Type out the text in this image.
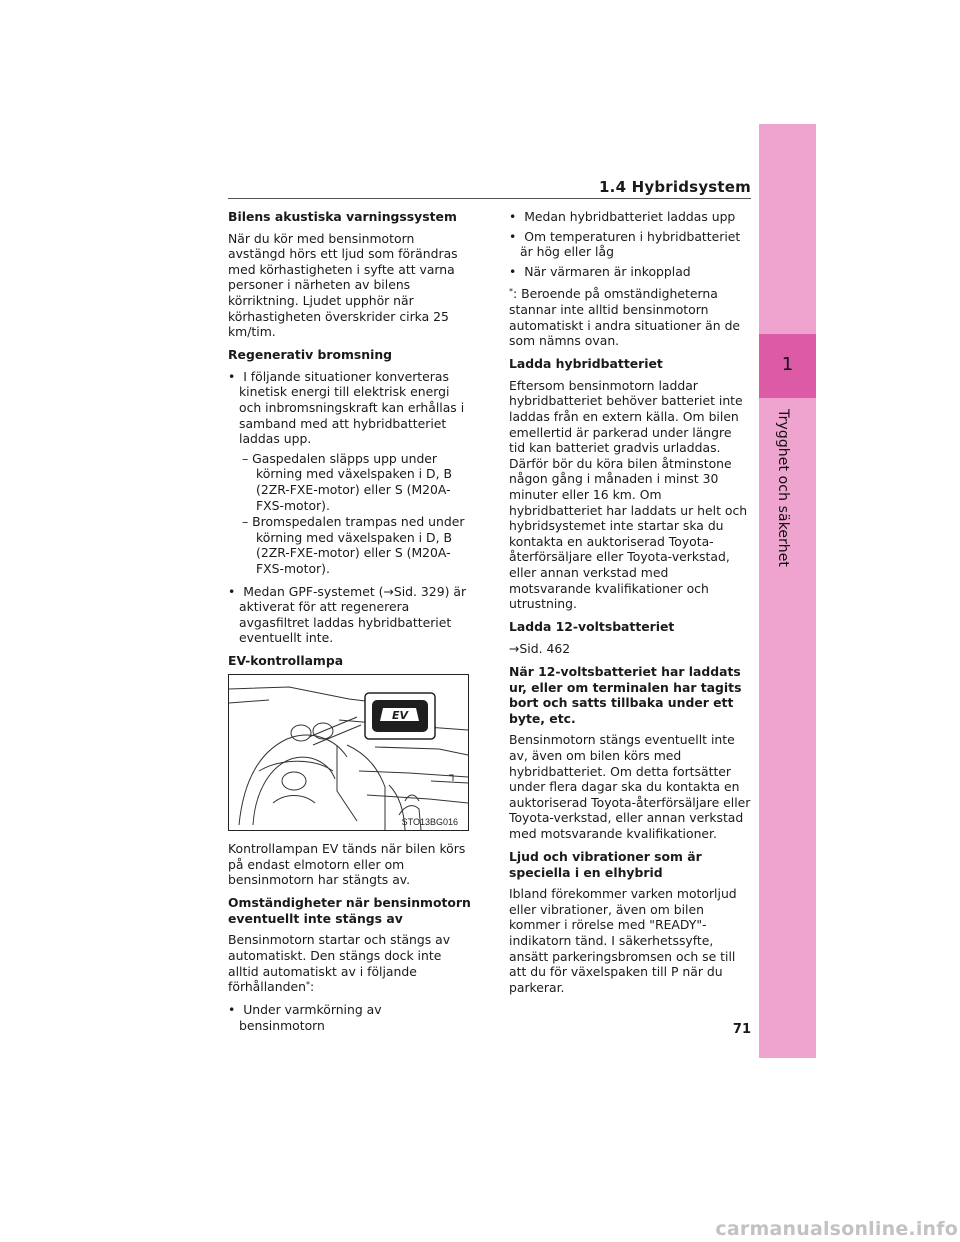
1.4 Hybridsystem
1
Trygghet och säkerhet

Bilens akustiska varningssystem

När du kör med bensinmotorn avstängd hörs ett ljud som förändras med körhastigheten i syfte att varna personer i närheten av bilens körriktning. Ljudet upphör när körhastigheten överskrider cirka 25 km/tim.

Regenerativ bromsning

•  I följande situationer konverteras kinetisk energi till elektrisk energi och inbromsningskraft kan erhållas i samband med att hybridbatteriet laddas upp.

– Gaspedalen släpps upp under körning med växelspaken i D, B (2ZR-FXE-motor) eller S (M20A-FXS-motor).

– Bromspedalen trampas ned under körning med växelspaken i D, B (2ZR-FXE-motor) eller S (M20A-FXS-motor).

•  Medan GPF-systemet (→Sid. 329) är aktiverat för att regenerera avgasfiltret laddas hybridbatteriet eventuellt inte.

EV-kontrollampa

EV
STO13BG016

Kontrollampan EV tänds när bilen körs på endast elmotorn eller om bensinmotorn har stängts av.

Omständigheter när bensinmotorn eventuellt inte stängs av

Bensinmotorn startar och stängs av automatiskt. Den stängs dock inte alltid automatiskt av i följande förhållanden*:

•  Under varmkörning av bensinmotorn

•  Medan hybridbatteriet laddas upp

•  Om temperaturen i hybridbatteriet är hög eller låg

•  När värmaren är inkopplad

*: Beroende på omständigheterna stannar inte alltid bensinmotorn automatiskt i andra situationer än de som nämns ovan.

Ladda hybridbatteriet

Eftersom bensinmotorn laddar hybridbatteriet behöver batteriet inte laddas från en extern källa. Om bilen emellertid är parkerad under längre tid kan batteriet gradvis urladdas. Därför bör du köra bilen åtminstone någon gång i månaden i minst 30 minuter eller 16 km. Om hybridbatteriet har laddats ur helt och hybridsystemet inte startar ska du kontakta en auktoriserad Toyota-återförsäljare eller Toyota-verkstad, eller annan verkstad med motsvarande kvalifikationer och utrustning.

Ladda 12-voltsbatteriet

→Sid. 462

När 12-voltsbatteriet har laddats ur, eller om terminalen har tagits bort och satts tillbaka under ett byte, etc.

Bensinmotorn stängs eventuellt inte av, även om bilen körs med hybridbatteriet. Om detta fortsätter under flera dagar ska du kontakta en auktoriserad Toyota-återförsäljare eller Toyota-verkstad, eller annan verkstad med motsvarande kvalifikationer.

Ljud och vibrationer som är speciella i en elhybrid

Ibland förekommer varken motorljud eller vibrationer, även om bilen kommer i rörelse med "READY"-indikatorn tänd. I säkerhetssyfte, ansätt parkeringsbromsen och se till att du för växelspaken till P när du parkerar.

71
carmanualsonline.info
